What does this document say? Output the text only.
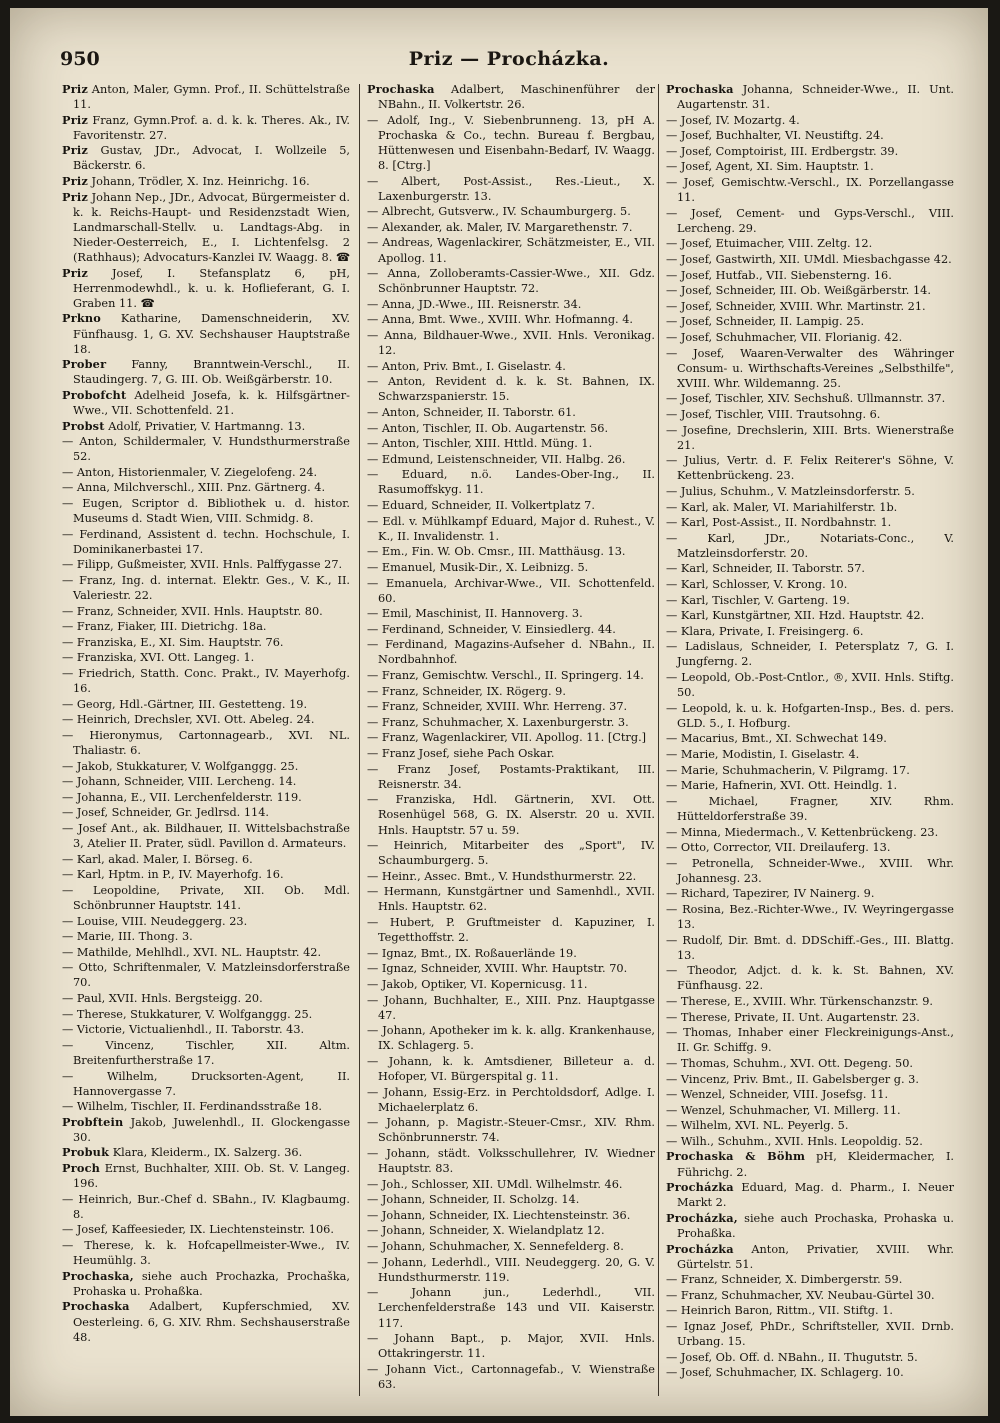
950	Priz — Procházka.
Priz Anton, Maler, Gymn. Prof., II. Schüttelstraße 11.
Priz Franz, Gymn.Prof. a. d. k. k. Theres. Ak., IV. Favoritenstr. 27.
Priz Gustav, JDr., Advocat, I. Wollzeile 5, Bäckerstr. 6.
Priz Johann, Trödler, X. Inz. Heinrichg. 16.
Priz Johann Nep., JDr., Advocat, Bürgermeister d. k. k. Reichs-Haupt- und Residenzstadt Wien, Landmarschall-Stellv. u. Landtags-Abg. in Nieder-Oesterreich, E., I. Lichtenfelsg. 2 (Rathhaus); Advocaturs-Kanzlei IV. Waagg. 8. ☎
Priz Josef, I. Stefansplatz 6, pH, Herrenmodewhdl., k. u. k. Hoflieferant, G. I. Graben 11. ☎
Prkno Katharine, Damenschneiderin, XV. Fünfhausg. 1, G. XV. Sechshauser Hauptstraße 18.
Prober Fanny, Branntwein-Verschl., II. Staudingerg. 7, G. III. Ob. Weißgärberstr. 10.
Probofcht Adelheid Josefa, k. k. Hilfsgärtner-Wwe., VII. Schottenfeld. 21.
Probst Adolf, Privatier, V. Hartmanng. 13.
— Anton, Schildermaler, V. Hundsthurmerstraße 52.
— Anton, Historienmaler, V. Ziegelofeng. 24.
— Anna, Milchverschl., XIII. Pnz. Gärtnerg. 4.
— Eugen, Scriptor d. Bibliothek u. d. histor. Museums d. Stadt Wien, VIII. Schmidg. 8.
— Ferdinand, Assistent d. techn. Hochschule, I. Dominikanerbastei 17.
— Filipp, Gußmeister, XVII. Hnls. Palffygasse 27.
— Franz, Ing. d. internat. Elektr. Ges., V. K., II. Valeriestr. 22.
— Franz, Schneider, XVII. Hnls. Hauptstr. 80.
— Franz, Fiaker, III. Dietrichg. 18a.
— Franziska, E., XI. Sim. Hauptstr. 76.
— Franziska, XVI. Ott. Langeg. 1.
— Friedrich, Statth. Conc. Prakt., IV. Mayerhofg. 16.
— Georg, Hdl.-Gärtner, III. Gestetteng. 19.
— Heinrich, Drechsler, XVI. Ott. Abeleg. 24.
— Hieronymus, Cartonnagearb., XVI. NL. Thaliastr. 6.
— Jakob, Stukkaturer, V. Wolfganggg. 25.
— Johann, Schneider, VIII. Lercheng. 14.
— Johanna, E., VII. Lerchenfelderstr. 119.
— Josef, Schneider, Gr. Jedlrsd. 114.
— Josef Ant., ak. Bildhauer, II. Wittelsbachstraße 3, Atelier II. Prater, südl. Pavillon d. Armateurs.
— Karl, akad. Maler, I. Börseg. 6.
— Karl, Hptm. in P., IV. Mayerhofg. 16.
— Leopoldine, Private, XII. Ob. Mdl. Schönbrunner Hauptstr. 141.
— Louise, VIII. Neudeggerg. 23.
— Marie, III. Thong. 3.
— Mathilde, Mehlhdl., XVI. NL. Hauptstr. 42.
— Otto, Schriftenmaler, V. Matzleinsdorferstraße 70.
— Paul, XVII. Hnls. Bergsteigg. 20.
— Therese, Stukkaturer, V. Wolfganggg. 25.
— Victorie, Victualienhdl., II. Taborstr. 43.
— Vincenz, Tischler, XII. Altm. Breitenfurtherstraße 17.
— Wilhelm, Drucksorten-Agent, II. Hannovergasse 7.
— Wilhelm, Tischler, II. Ferdinandsstraße 18.
Probftein Jakob, Juwelenhdl., II. Glockengasse 30.
Probuk Klara, Kleiderm., IX. Salzerg. 36.
Proch Ernst, Buchhalter, XIII. Ob. St. V. Langeg. 196.
— Heinrich, Bur.-Chef d. SBahn., IV. Klagbaumg. 8.
— Josef, Kaffeesieder, IX. Liechtensteinstr. 106.
— Therese, k. k. Hofcapellmeister-Wwe., IV. Heumühlg. 3.
Prochaska, siehe auch Prochazka, Prochaška, Prohaska u. Prohaßka.
Prochaska Adalbert, Kupferschmied, XV. Oesterleing. 6, G. XIV. Rhm. Sechshauserstraße 48.
Prochaska Adalbert, Maschinenführer der NBahn., II. Volkertstr. 26.
— Adolf, Ing., V. Siebenbrunneng. 13, pH A. Prochaska & Co., techn. Bureau f. Bergbau, Hüttenwesen und Eisenbahn-Bedarf, IV. Waagg. 8. [Ctrg.]
— Albert, Post-Assist., Res.-Lieut., X. Laxenburgerstr. 13.
— Albrecht, Gutsverw., IV. Schaumburgerg. 5.
— Alexander, ak. Maler, IV. Margarethenstr. 7.
— Andreas, Wagenlackirer, Schätzmeister, E., VII. Apollog. 11.
— Anna, Zolloberamts-Cassier-Wwe., XII. Gdz. Schönbrunner Hauptstr. 72.
— Anna, JD.-Wwe., III. Reisnerstr. 34.
— Anna, Bmt. Wwe., XVIII. Whr. Hofmanng. 4.
— Anna, Bildhauer-Wwe., XVII. Hnls. Veronikag. 12.
— Anton, Priv. Bmt., I. Giselastr. 4.
— Anton, Revident d. k. k. St. Bahnen, IX. Schwarzspanierstr. 15.
— Anton, Schneider, II. Taborstr. 61.
— Anton, Tischler, II. Ob. Augartenstr. 56.
— Anton, Tischler, XIII. Httld. Müng. 1.
— Edmund, Leistenschneider, VII. Halbg. 26.
— Eduard, n.ö. Landes-Ober-Ing., II. Rasumoffskyg. 11.
— Eduard, Schneider, II. Volkertplatz 7.
— Edl. v. Mühlkampf Eduard, Major d. Ruhest., V. K., II. Invalidenstr. 1.
— Em., Fin. W. Ob. Cmsr., III. Matthäusg. 13.
— Emanuel, Musik-Dir., X. Leibnizg. 5.
— Emanuela, Archivar-Wwe., VII. Schottenfeld. 60.
— Emil, Maschinist, II. Hannoverg. 3.
— Ferdinand, Schneider, V. Einsiedlerg. 44.
— Ferdinand, Magazins-Aufseher d. NBahn., II. Nordbahnhof.
— Franz, Gemischtw. Verschl., II. Springerg. 14.
— Franz, Schneider, IX. Rögerg. 9.
— Franz, Schneider, XVIII. Whr. Herreng. 37.
— Franz, Schuhmacher, X. Laxenburgerstr. 3.
— Franz, Wagenlackirer, VII. Apollog. 11. [Ctrg.]
— Franz Josef, siehe Pach Oskar.
— Franz Josef, Postamts-Praktikant, III. Reisnerstr. 34.
— Franziska, Hdl. Gärtnerin, XVI. Ott. Rosenhügel 568, G. IX. Alserstr. 20 u. XVII. Hnls. Hauptstr. 57 u. 59.
— Heinrich, Mitarbeiter des „Sport", IV. Schaumburgerg. 5.
— Heinr., Assec. Bmt., V. Hundsthurmerstr. 22.
— Hermann, Kunstgärtner und Samenhdl., XVII. Hnls. Hauptstr. 62.
— Hubert, P. Gruftmeister d. Kapuziner, I. Tegetthoffstr. 2.
— Ignaz, Bmt., IX. Roßauerlände 19.
— Ignaz, Schneider, XVIII. Whr. Hauptstr. 70.
— Jakob, Optiker, VI. Kopernicusg. 11.
— Johann, Buchhalter, E., XIII. Pnz. Hauptgasse 47.
— Johann, Apotheker im k. k. allg. Krankenhause, IX. Schlagerg. 5.
— Johann, k. k. Amtsdiener, Billeteur a. d. Hofoper, VI. Bürgerspital g. 11.
— Johann, Essig-Erz. in Perchtoldsdorf, Adlge. I. Michaelerplatz 6.
— Johann, p. Magistr.-Steuer-Cmsr., XIV. Rhm. Schönbrunnerstr. 74.
— Johann, städt. Volksschullehrer, IV. Wiedner Hauptstr. 83.
— Joh., Schlosser, XII. UMdl. Wilhelmstr. 46.
— Johann, Schneider, II. Scholzg. 14.
— Johann, Schneider, IX. Liechtensteinstr. 36.
— Johann, Schneider, X. Wielandplatz 12.
— Johann, Schuhmacher, X. Sennefelderg. 8.
— Johann, Lederhdl., VIII. Neudeggerg. 20, G. V. Hundsthurmerstr. 119.
— Johann jun., Lederhdl., VII. Lerchenfelderstraße 143 und VII. Kaiserstr. 117.
— Johann Bapt., p. Major, XVII. Hnls. Ottakringerstr. 11.
— Johann Vict., Cartonnagefab., V. Wienstraße 63.
Prochaska Johanna, Schneider-Wwe., II. Unt. Augartenstr. 31.
— Josef, IV. Mozartg. 4.
— Josef, Buchhalter, VI. Neustiftg. 24.
— Josef, Comptoirist, III. Erdbergstr. 39.
— Josef, Agent, XI. Sim. Hauptstr. 1.
— Josef, Gemischtw.-Verschl., IX. Porzellangasse 11.
— Josef, Cement- und Gyps-Verschl., VIII. Lercheng. 29.
— Josef, Etuimacher, VIII. Zeltg. 12.
— Josef, Gastwirth, XII. UMdl. Miesbachgasse 42.
— Josef, Hutfab., VII. Siebensterng. 16.
— Josef, Schneider, III. Ob. Weißgärberstr. 14.
— Josef, Schneider, XVIII. Whr. Martinstr. 21.
— Josef, Schneider, II. Lampig. 25.
— Josef, Schuhmacher, VII. Florianig. 42.
— Josef, Waaren-Verwalter des Währinger Consum- u. Wirthschafts-Vereines „Selbsthilfe", XVIII. Whr. Wildemanng. 25.
— Josef, Tischler, XIV. Sechshuß. Ullmannstr. 37.
— Josef, Tischler, VIII. Trautsohng. 6.
— Josefine, Drechslerin, XIII. Brts. Wienerstraße 21.
— Julius, Vertr. d. F. Felix Reiterer's Söhne, V. Kettenbrückeng. 23.
— Julius, Schuhm., V. Matzleinsdorferstr. 5.
— Karl, ak. Maler, VI. Mariahilferstr. 1b.
— Karl, Post-Assist., II. Nordbahnstr. 1.
— Karl, JDr., Notariats-Conc., V. Matzleinsdorferstr. 20.
— Karl, Schneider, II. Taborstr. 57.
— Karl, Schlosser, V. Krong. 10.
— Karl, Tischler, V. Garteng. 19.
— Karl, Kunstgärtner, XII. Hzd. Hauptstr. 42.
— Klara, Private, I. Freisingerg. 6.
— Ladislaus, Schneider, I. Petersplatz 7, G. I. Jungferng. 2.
— Leopold, Ob.-Post-Cntlor., ®, XVII. Hnls. Stiftg. 50.
— Leopold, k. u. k. Hofgarten-Insp., Bes. d. pers. GLD. 5., I. Hofburg.
— Macarius, Bmt., XI. Schwechat 149.
— Marie, Modistin, I. Giselastr. 4.
— Marie, Schuhmacherin, V. Pilgramg. 17.
— Marie, Hafnerin, XVI. Ott. Heindlg. 1.
— Michael, Fragner, XIV. Rhm. Hütteldorferstraße 39.
— Minna, Miedermach., V. Kettenbrückeng. 23.
— Otto, Corrector, VII. Dreilauferg. 13.
— Petronella, Schneider-Wwe., XVIII. Whr. Johannesg. 23.
— Richard, Tapezirer, IV Nainerg. 9.
— Rosina, Bez.-Richter-Wwe., IV. Weyringergasse 13.
— Rudolf, Dir. Bmt. d. DDSchiff.-Ges., III. Blattg. 13.
— Theodor, Adjct. d. k. k. St. Bahnen, XV. Fünfhausg. 22.
— Therese, E., XVIII. Whr. Türkenschanzstr. 9.
— Therese, Private, II. Unt. Augartenstr. 23.
— Thomas, Inhaber einer Fleckreinigungs-Anst., II. Gr. Schiffg. 9.
— Thomas, Schuhm., XVI. Ott. Degeng. 50.
— Vincenz, Priv. Bmt., II. Gabelsberger g. 3.
— Wenzel, Schneider, VIII. Josefsg. 11.
— Wenzel, Schuhmacher, VI. Millerg. 11.
— Wilhelm, XVI. NL. Peyerlg. 5.
— Wilh., Schuhm., XVII. Hnls. Leopoldig. 52.
Prochaska & Böhm pH, Kleidermacher, I. Führichg. 2.
Procházka Eduard, Mag. d. Pharm., I. Neuer Markt 2.
Procházka, siehe auch Prochaska, Prohaska u. Prohaßka.
Procházka Anton, Privatier, XVIII. Whr. Gürtelstr. 51.
— Franz, Schneider, X. Dimbergerstr. 59.
— Franz, Schuhmacher, XV. Neubau-Gürtel 30.
— Heinrich Baron, Rittm., VII. Stiftg. 1.
— Ignaz Josef, PhDr., Schriftsteller, XVII. Drnb. Urbang. 15.
— Josef, Ob. Off. d. NBahn., II. Thugutstr. 5.
— Josef, Schuhmacher, IX. Schlagerg. 10.
